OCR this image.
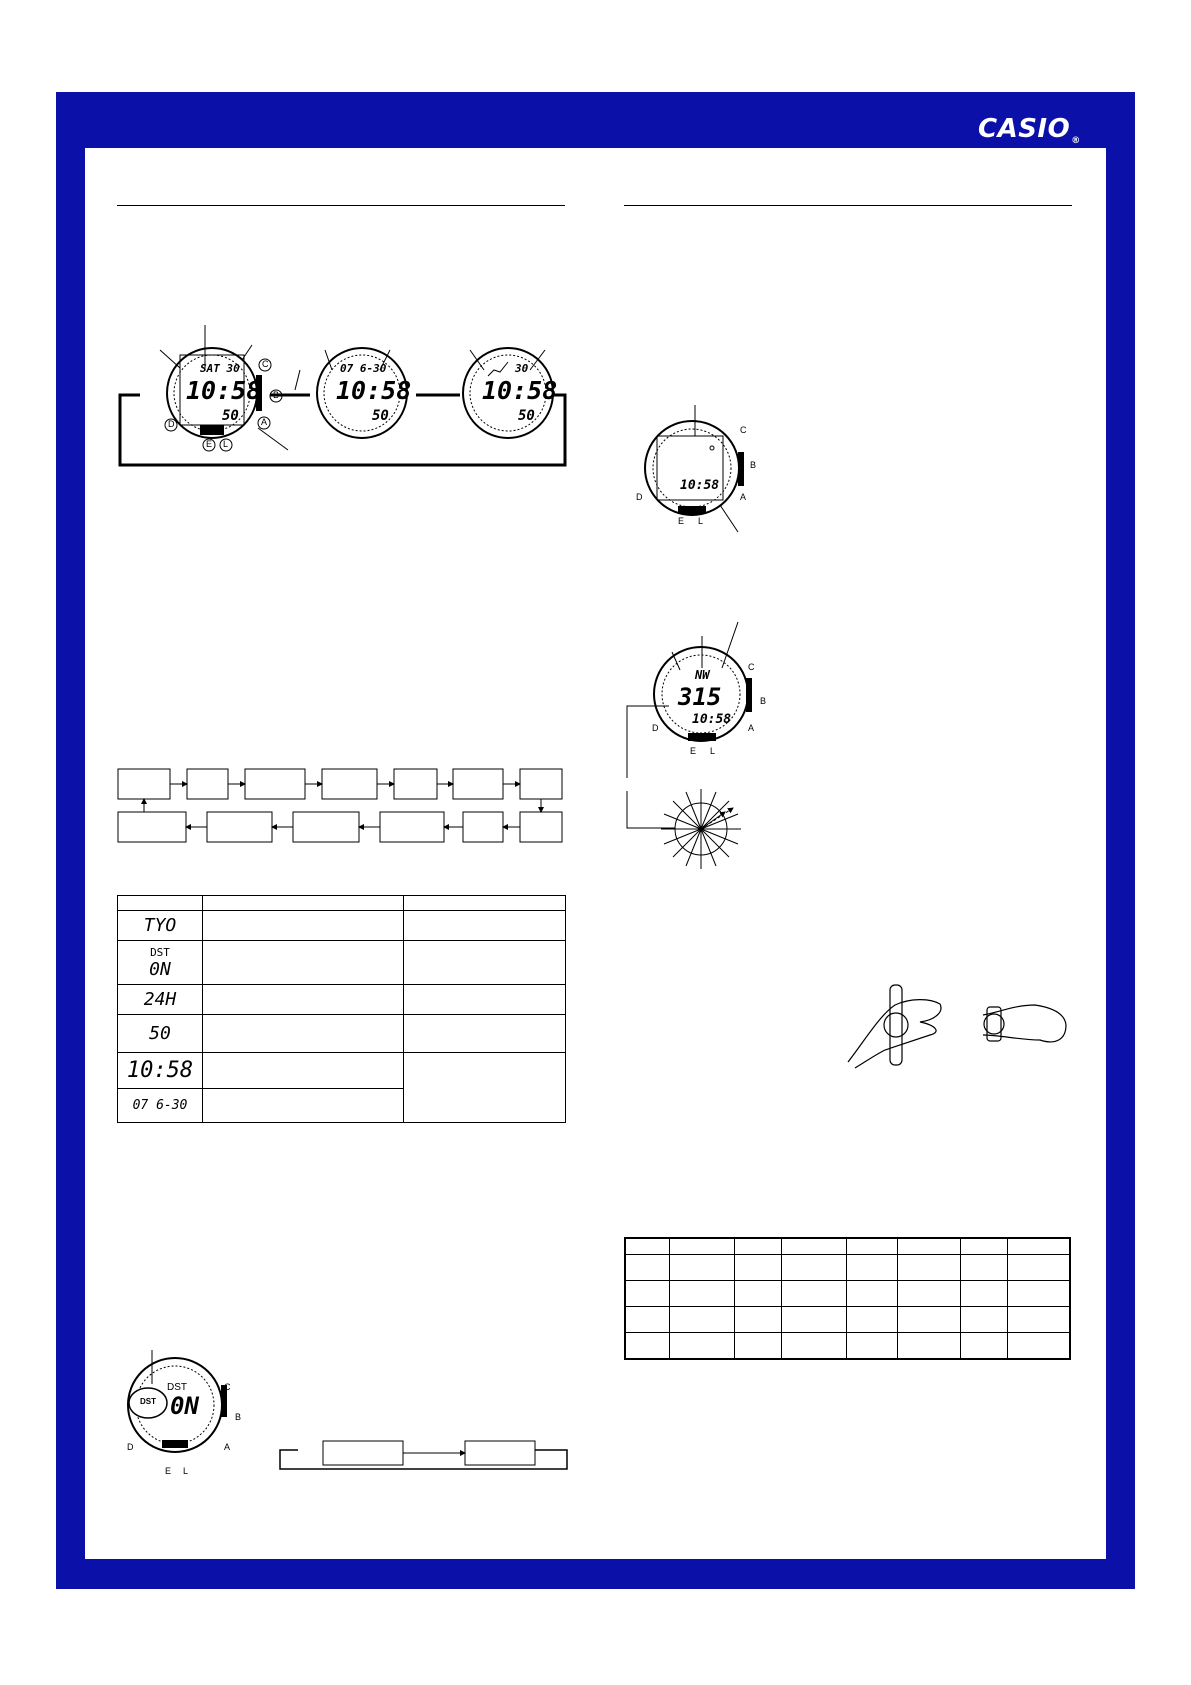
CASIO®
SAT 30
10:58
50
07 6-30
10:58
50
30
10:58
50
C
B
A
D
E L

TYO		

DST
0N		

24H		
50		
10:58		
07 6-30		
DST
DST
0N
C
B
A
D
E L
10:58
C
B
A
D
E L
NW
315
10:58
C
B
A
D
E L
